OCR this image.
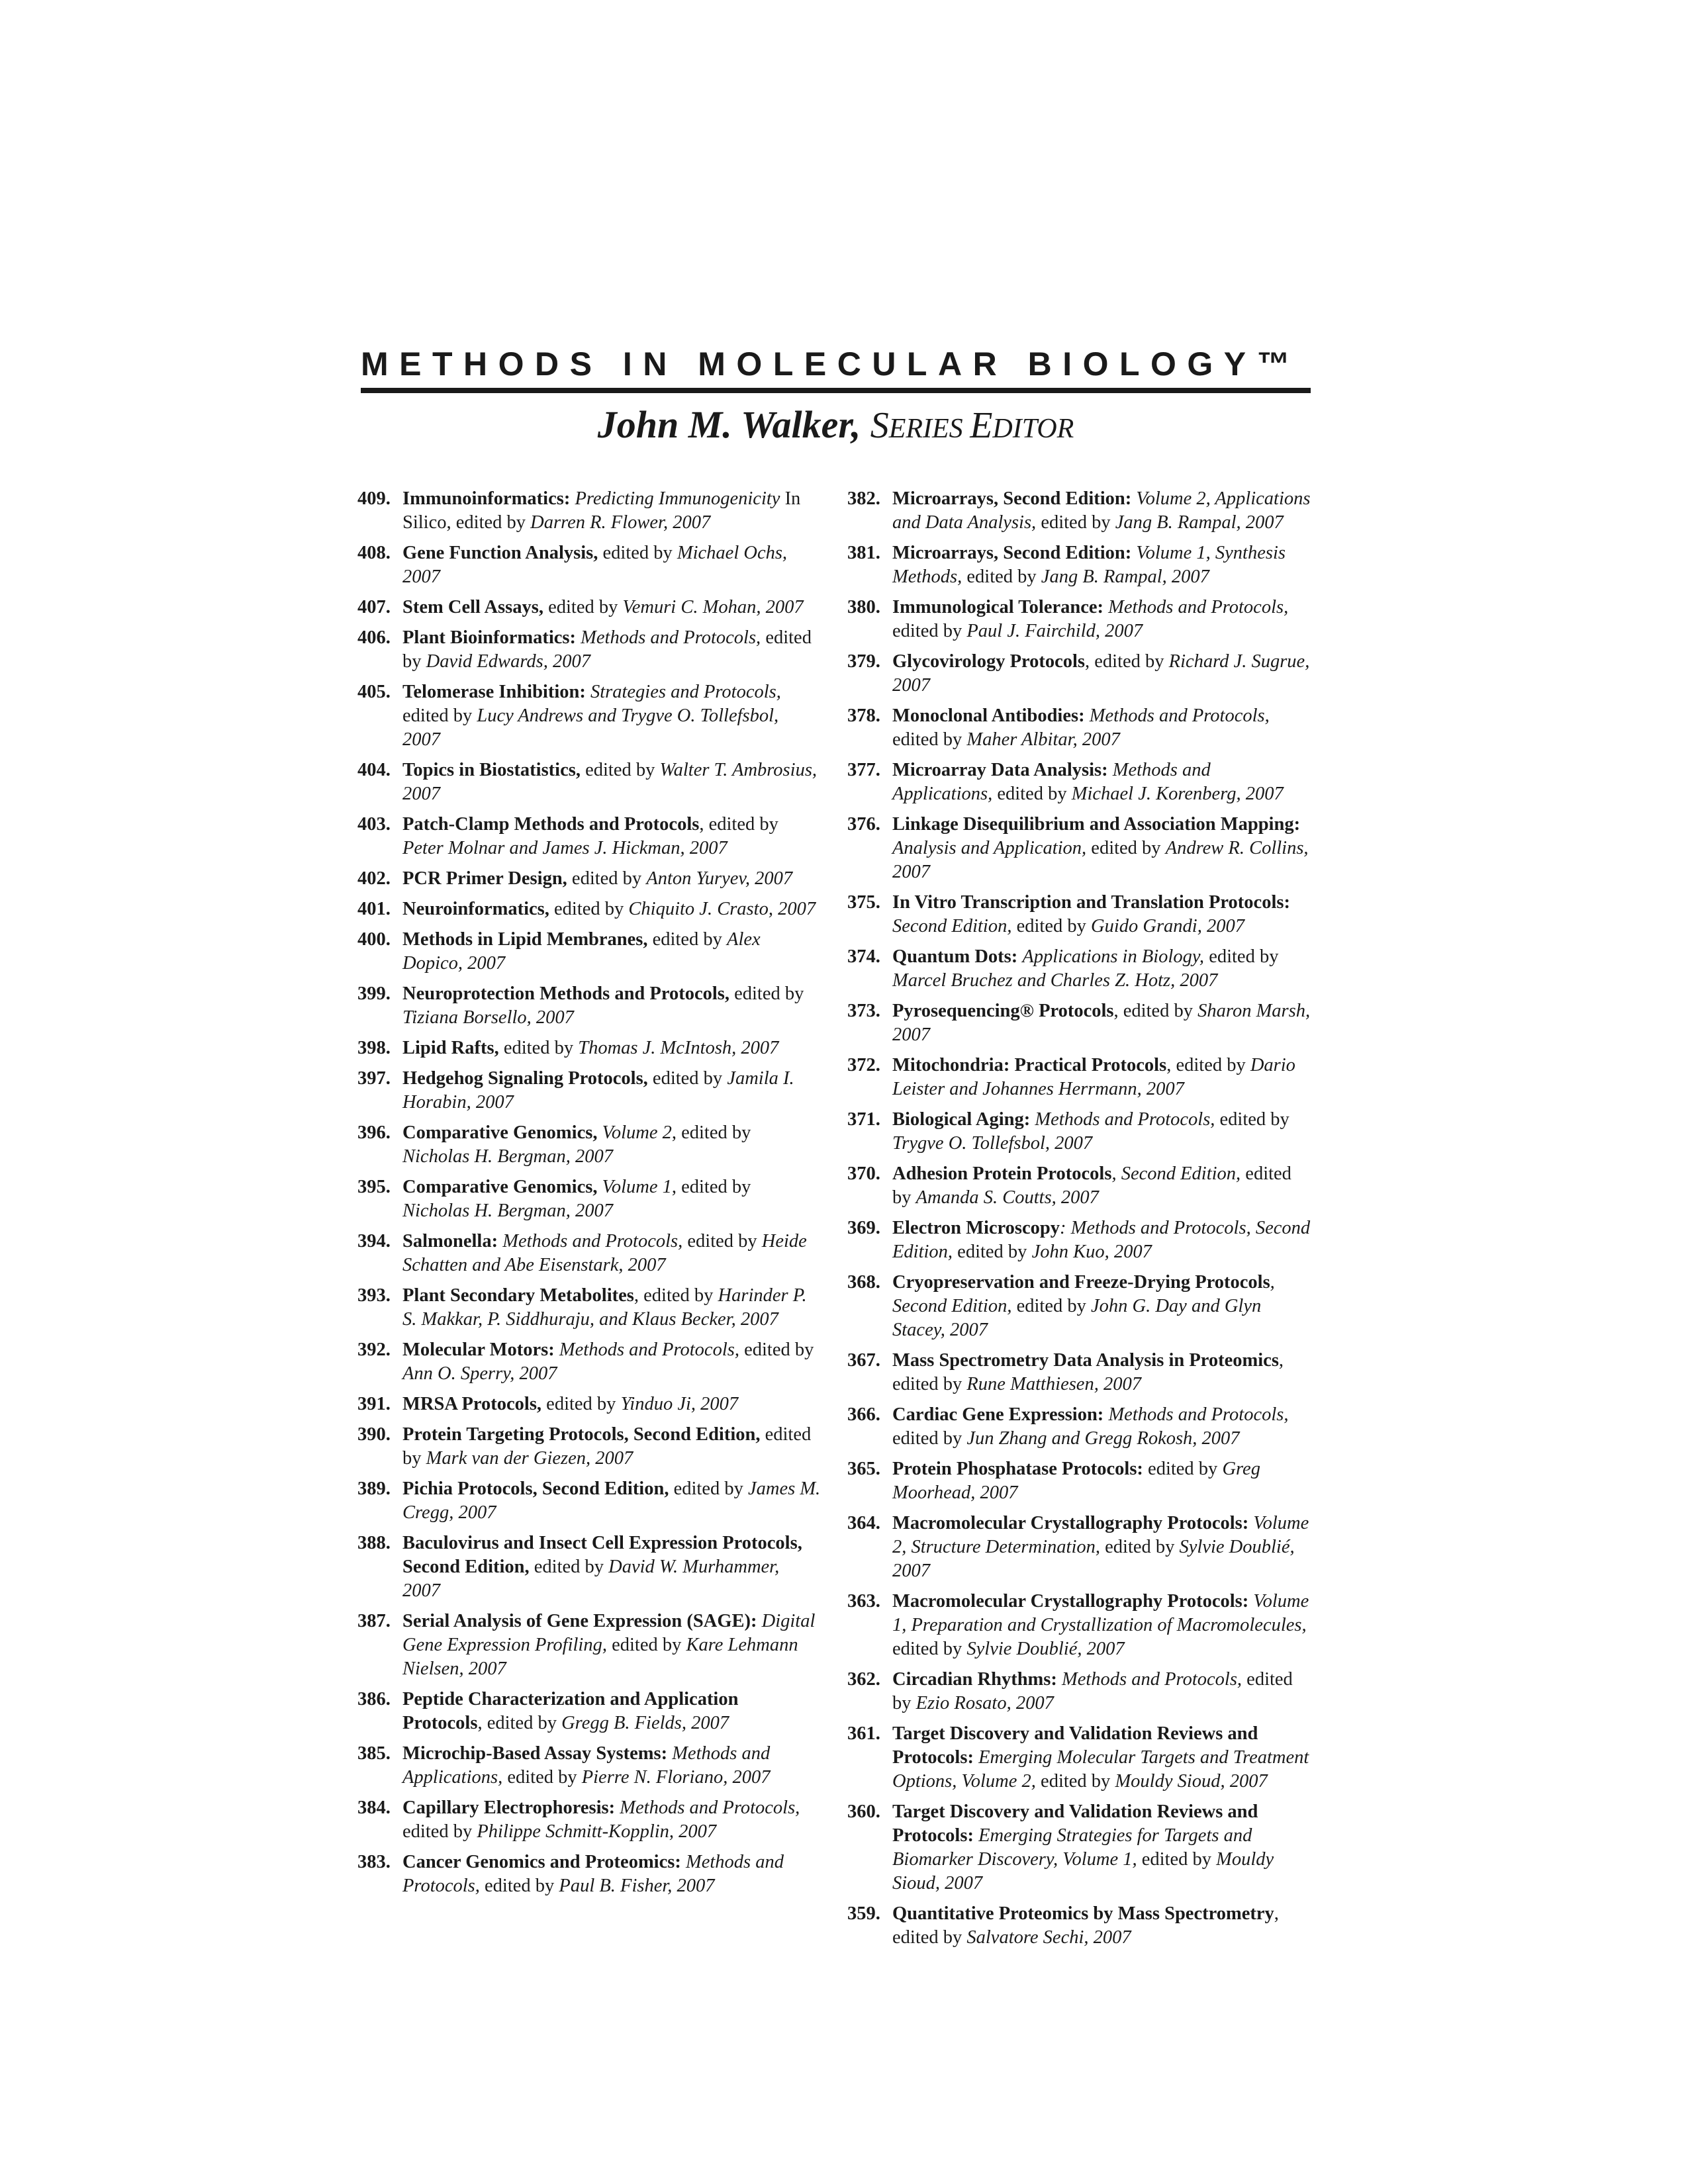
METHODS IN MOLECULAR BIOLOGY™
John M. Walker, SERIES EDITOR
409. Immunoinformatics: Predicting Immunogenicity In Silico, edited by Darren R. Flower, 2007
408. Gene Function Analysis, edited by Michael Ochs, 2007
407. Stem Cell Assays, edited by Vemuri C. Mohan, 2007
406. Plant Bioinformatics: Methods and Protocols, edited by David Edwards, 2007
405. Telomerase Inhibition: Strategies and Protocols, edited by Lucy Andrews and Trygve O. Tollefsbol, 2007
404. Topics in Biostatistics, edited by Walter T. Ambrosius, 2007
403. Patch-Clamp Methods and Protocols, edited by Peter Molnar and James J. Hickman, 2007
402. PCR Primer Design, edited by Anton Yuryev, 2007
401. Neuroinformatics, edited by Chiquito J. Crasto, 2007
400. Methods in Lipid Membranes, edited by Alex Dopico, 2007
399. Neuroprotection Methods and Protocols, edited by Tiziana Borsello, 2007
398. Lipid Rafts, edited by Thomas J. McIntosh, 2007
397. Hedgehog Signaling Protocols, edited by Jamila I. Horabin, 2007
396. Comparative Genomics, Volume 2, edited by Nicholas H. Bergman, 2007
395. Comparative Genomics, Volume 1, edited by Nicholas H. Bergman, 2007
394. Salmonella: Methods and Protocols, edited by Heide Schatten and Abe Eisenstark, 2007
393. Plant Secondary Metabolites, edited by Harinder P. S. Makkar, P. Siddhuraju, and Klaus Becker, 2007
392. Molecular Motors: Methods and Protocols, edited by Ann O. Sperry, 2007
391. MRSA Protocols, edited by Yinduo Ji, 2007
390. Protein Targeting Protocols, Second Edition, edited by Mark van der Giezen, 2007
389. Pichia Protocols, Second Edition, edited by James M. Cregg, 2007
388. Baculovirus and Insect Cell Expression Protocols, Second Edition, edited by David W. Murhammer, 2007
387. Serial Analysis of Gene Expression (SAGE): Digital Gene Expression Profiling, edited by Kare Lehmann Nielsen, 2007
386. Peptide Characterization and Application Protocols, edited by Gregg B. Fields, 2007
385. Microchip-Based Assay Systems: Methods and Applications, edited by Pierre N. Floriano, 2007
384. Capillary Electrophoresis: Methods and Protocols, edited by Philippe Schmitt-Kopplin, 2007
383. Cancer Genomics and Proteomics: Methods and Protocols, edited by Paul B. Fisher, 2007
382. Microarrays, Second Edition: Volume 2, Applications and Data Analysis, edited by Jang B. Rampal, 2007
381. Microarrays, Second Edition: Volume 1, Synthesis Methods, edited by Jang B. Rampal, 2007
380. Immunological Tolerance: Methods and Protocols, edited by Paul J. Fairchild, 2007
379. Glycovirology Protocols, edited by Richard J. Sugrue, 2007
378. Monoclonal Antibodies: Methods and Protocols, edited by Maher Albitar, 2007
377. Microarray Data Analysis: Methods and Applications, edited by Michael J. Korenberg, 2007
376. Linkage Disequilibrium and Association Mapping: Analysis and Application, edited by Andrew R. Collins, 2007
375. In Vitro Transcription and Translation Protocols: Second Edition, edited by Guido Grandi, 2007
374. Quantum Dots: Applications in Biology, edited by Marcel Bruchez and Charles Z. Hotz, 2007
373. Pyrosequencing® Protocols, edited by Sharon Marsh, 2007
372. Mitochondria: Practical Protocols, edited by Dario Leister and Johannes Herrmann, 2007
371. Biological Aging: Methods and Protocols, edited by Trygve O. Tollefsbol, 2007
370. Adhesion Protein Protocols, Second Edition, edited by Amanda S. Coutts, 2007
369. Electron Microscopy: Methods and Protocols, Second Edition, edited by John Kuo, 2007
368. Cryopreservation and Freeze-Drying Protocols, Second Edition, edited by John G. Day and Glyn Stacey, 2007
367. Mass Spectrometry Data Analysis in Proteomics, edited by Rune Matthiesen, 2007
366. Cardiac Gene Expression: Methods and Protocols, edited by Jun Zhang and Gregg Rokosh, 2007
365. Protein Phosphatase Protocols: edited by Greg Moorhead, 2007
364. Macromolecular Crystallography Protocols: Volume 2, Structure Determination, edited by Sylvie Doublié, 2007
363. Macromolecular Crystallography Protocols: Volume 1, Preparation and Crystallization of Macromolecules, edited by Sylvie Doublié, 2007
362. Circadian Rhythms: Methods and Protocols, edited by Ezio Rosato, 2007
361. Target Discovery and Validation Reviews and Protocols: Emerging Molecular Targets and Treatment Options, Volume 2, edited by Mouldy Sioud, 2007
360. Target Discovery and Validation Reviews and Protocols: Emerging Strategies for Targets and Biomarker Discovery, Volume 1, edited by Mouldy Sioud, 2007
359. Quantitative Proteomics by Mass Spectrometry, edited by Salvatore Sechi, 2007
